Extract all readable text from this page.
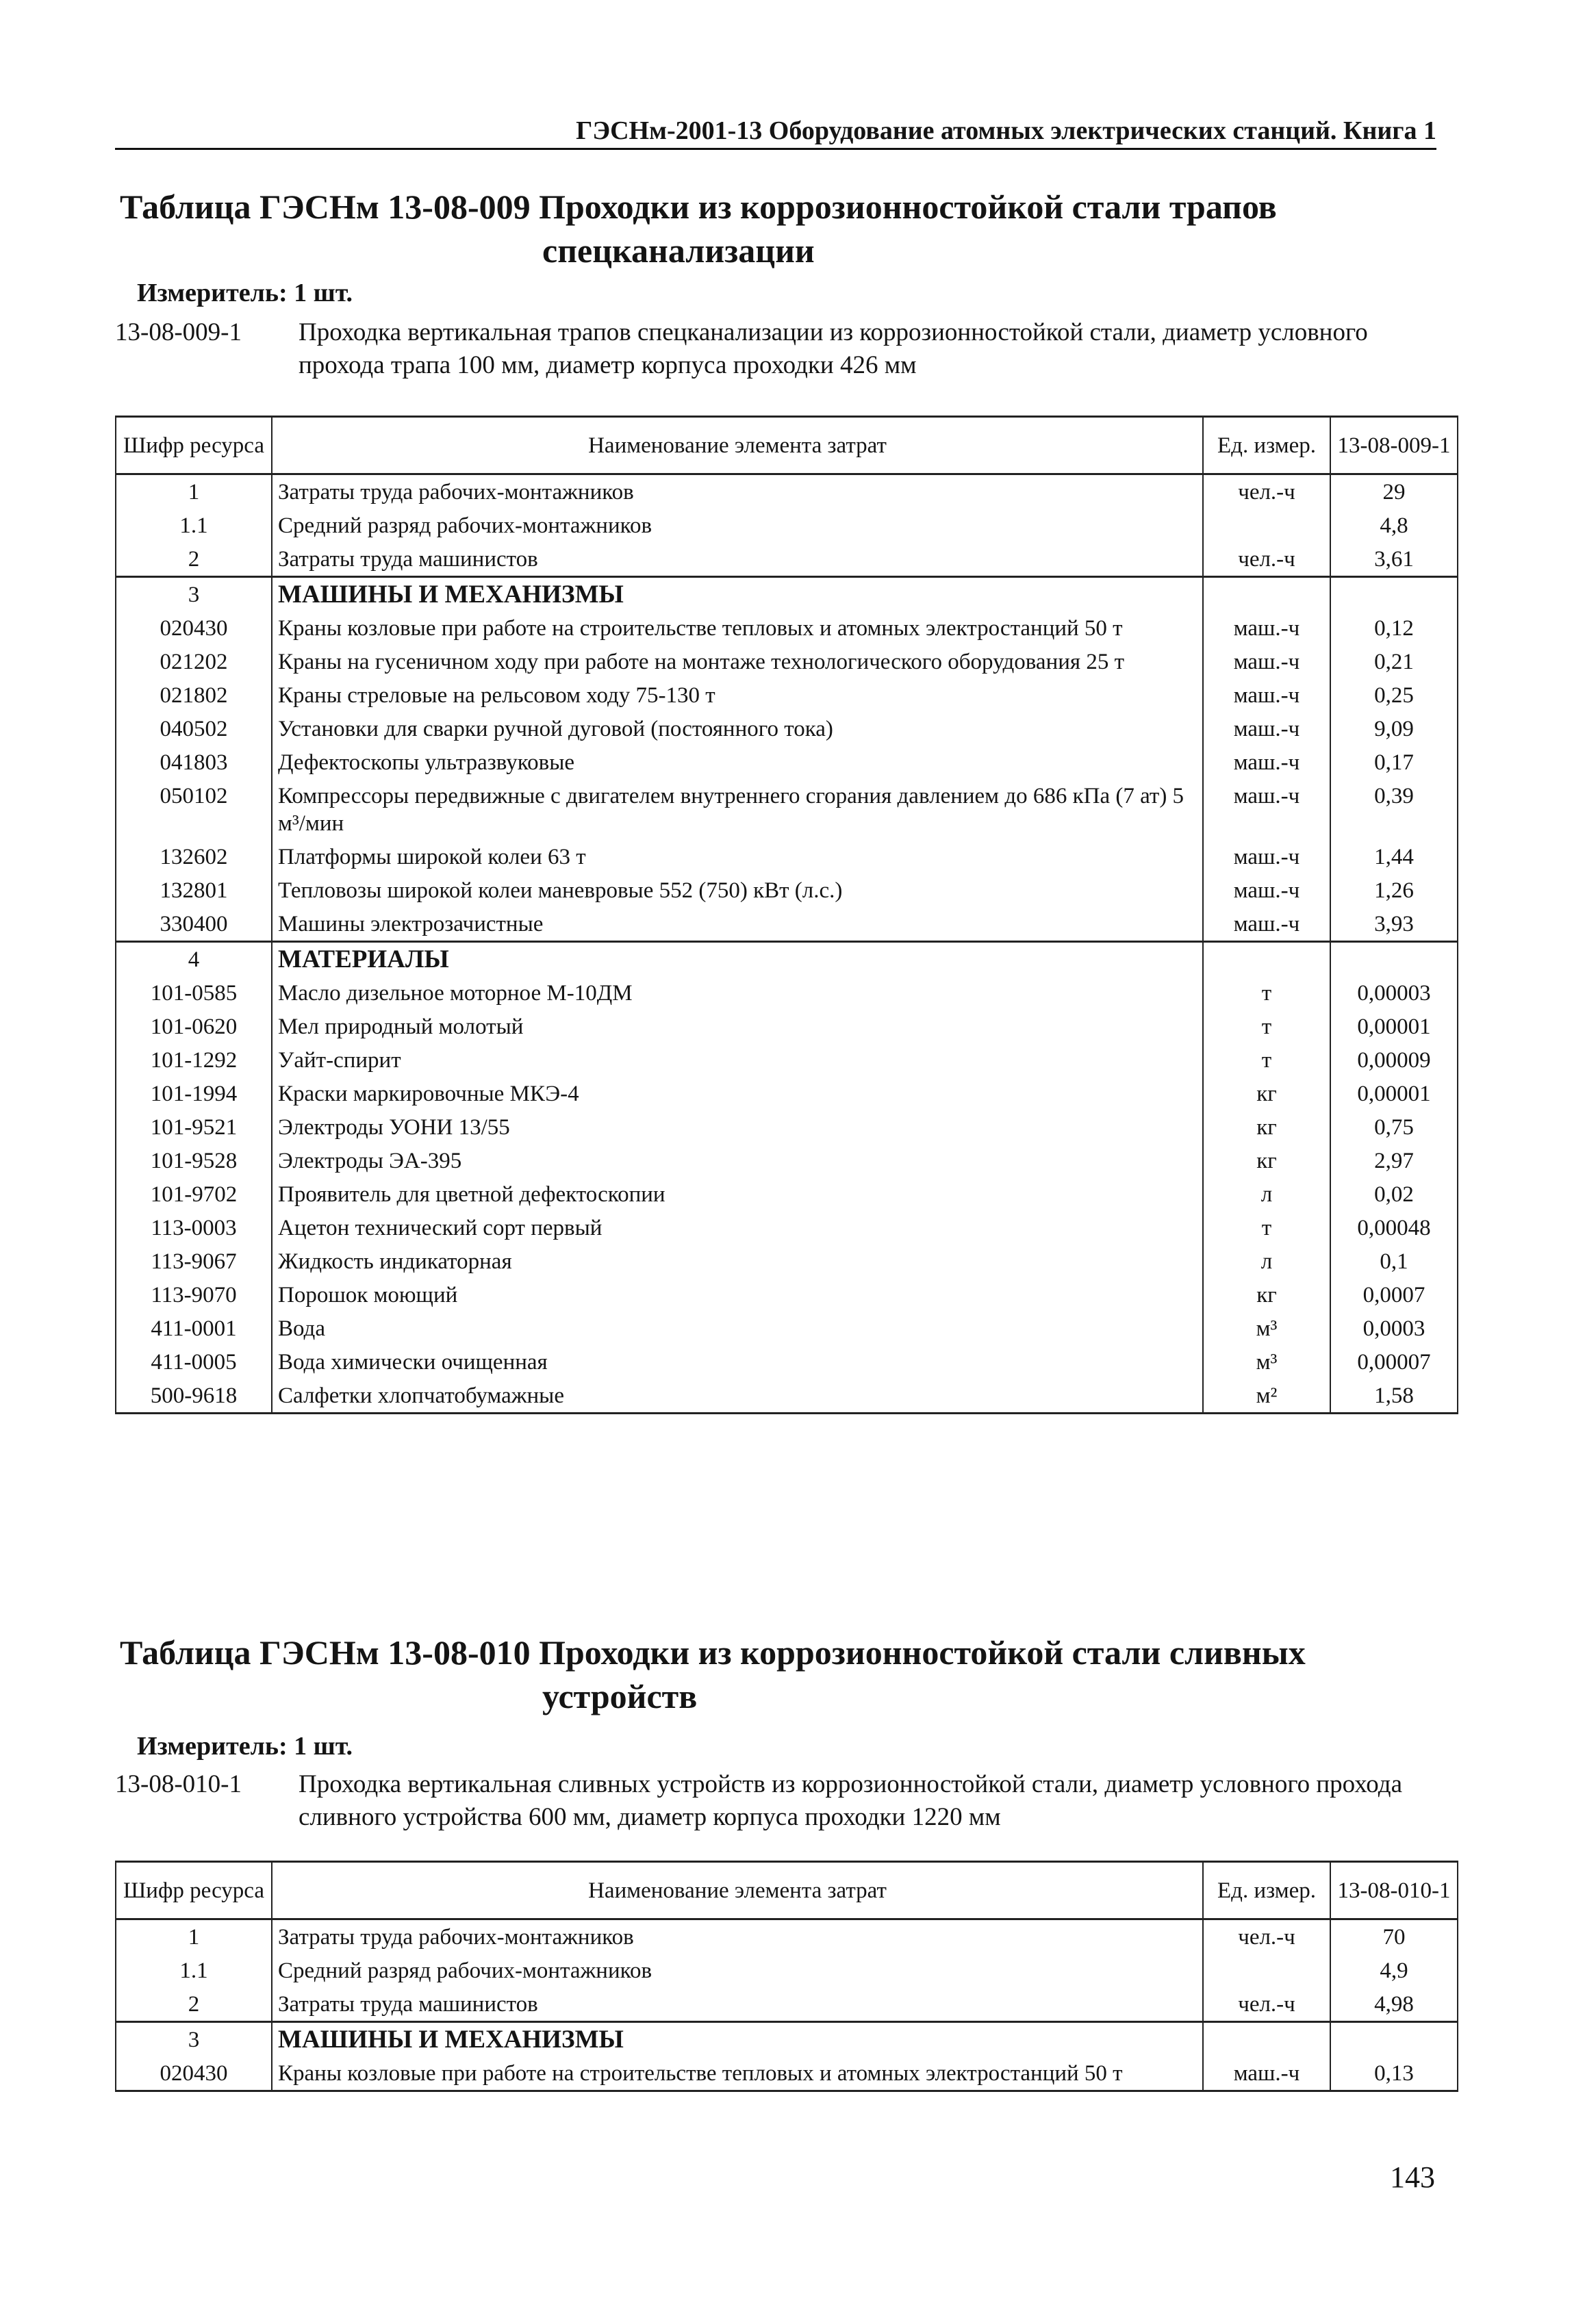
ГЭСНм-2001-13 Оборудование атомных электрических станций. Книга 1
Таблица ГЭСНм 13-08-009 Проходки из коррозионностойкой стали трапов
спецканализации
Измеритель: 1 шт.
13-08-009-1 Проходка вертикальная трапов спецканализации из коррозионностойкой стали, диаметр условного прохода трапа 100 мм, диаметр корпуса проходки 426 мм
Шифр ресурса	Наименование элемента затрат	Ед. измер.	13-08-009-1
1	Затраты труда рабочих-монтажников	чел.-ч	29
1.1	Средний разряд рабочих-монтажников		4,8
2	Затраты труда машинистов	чел.-ч	3,61
3	МАШИНЫ И МЕХАНИЗМЫ		
020430	Краны козловые при работе на строительстве тепловых и атомных электростанций 50 т	маш.-ч	0,12
021202	Краны на гусеничном ходу при работе на монтаже технологического оборудования 25 т	маш.-ч	0,21
021802	Краны стреловые на рельсовом ходу 75-130 т	маш.-ч	0,25
040502	Установки для сварки ручной дуговой (постоянного тока)	маш.-ч	9,09
041803	Дефектоскопы ультразвуковые	маш.-ч	0,17
050102	Компрессоры передвижные с двигателем внутреннего сгорания давлением до 686 кПа (7 ат) 5 м³/мин	маш.-ч	0,39
132602	Платформы широкой колеи 63 т	маш.-ч	1,44
132801	Тепловозы широкой колеи маневровые 552 (750) кВт (л.с.)	маш.-ч	1,26
330400	Машины электрозачистные	маш.-ч	3,93
4	МАТЕРИАЛЫ		
101-0585	Масло дизельное моторное М-10ДМ	т	0,00003
101-0620	Мел природный молотый	т	0,00001
101-1292	Уайт-спирит	т	0,00009
101-1994	Краски маркировочные МКЭ-4	кг	0,00001
101-9521	Электроды УОНИ 13/55	кг	0,75
101-9528	Электроды ЭА-395	кг	2,97
101-9702	Проявитель для цветной дефектоскопии	л	0,02
113-0003	Ацетон технический сорт первый	т	0,00048
113-9067	Жидкость индикаторная	л	0,1
113-9070	Порошок моющий	кг	0,0007
411-0001	Вода	м³	0,0003
411-0005	Вода химически очищенная	м³	0,00007
500-9618	Салфетки хлопчатобумажные	м²	1,58
Таблица ГЭСНм 13-08-010 Проходки из коррозионностойкой стали сливных
устройств
Измеритель: 1 шт.
13-08-010-1 Проходка вертикальная сливных устройств из коррозионностойкой стали, диаметр условного прохода сливного устройства 600 мм, диаметр корпуса проходки 1220 мм
Шифр ресурса	Наименование элемента затрат	Ед. измер.	13-08-010-1
1	Затраты труда рабочих-монтажников	чел.-ч	70
1.1	Средний разряд рабочих-монтажников		4,9
2	Затраты труда машинистов	чел.-ч	4,98
3	МАШИНЫ И МЕХАНИЗМЫ		
020430	Краны козловые при работе на строительстве тепловых и атомных электростанций 50 т	маш.-ч	0,13
143
